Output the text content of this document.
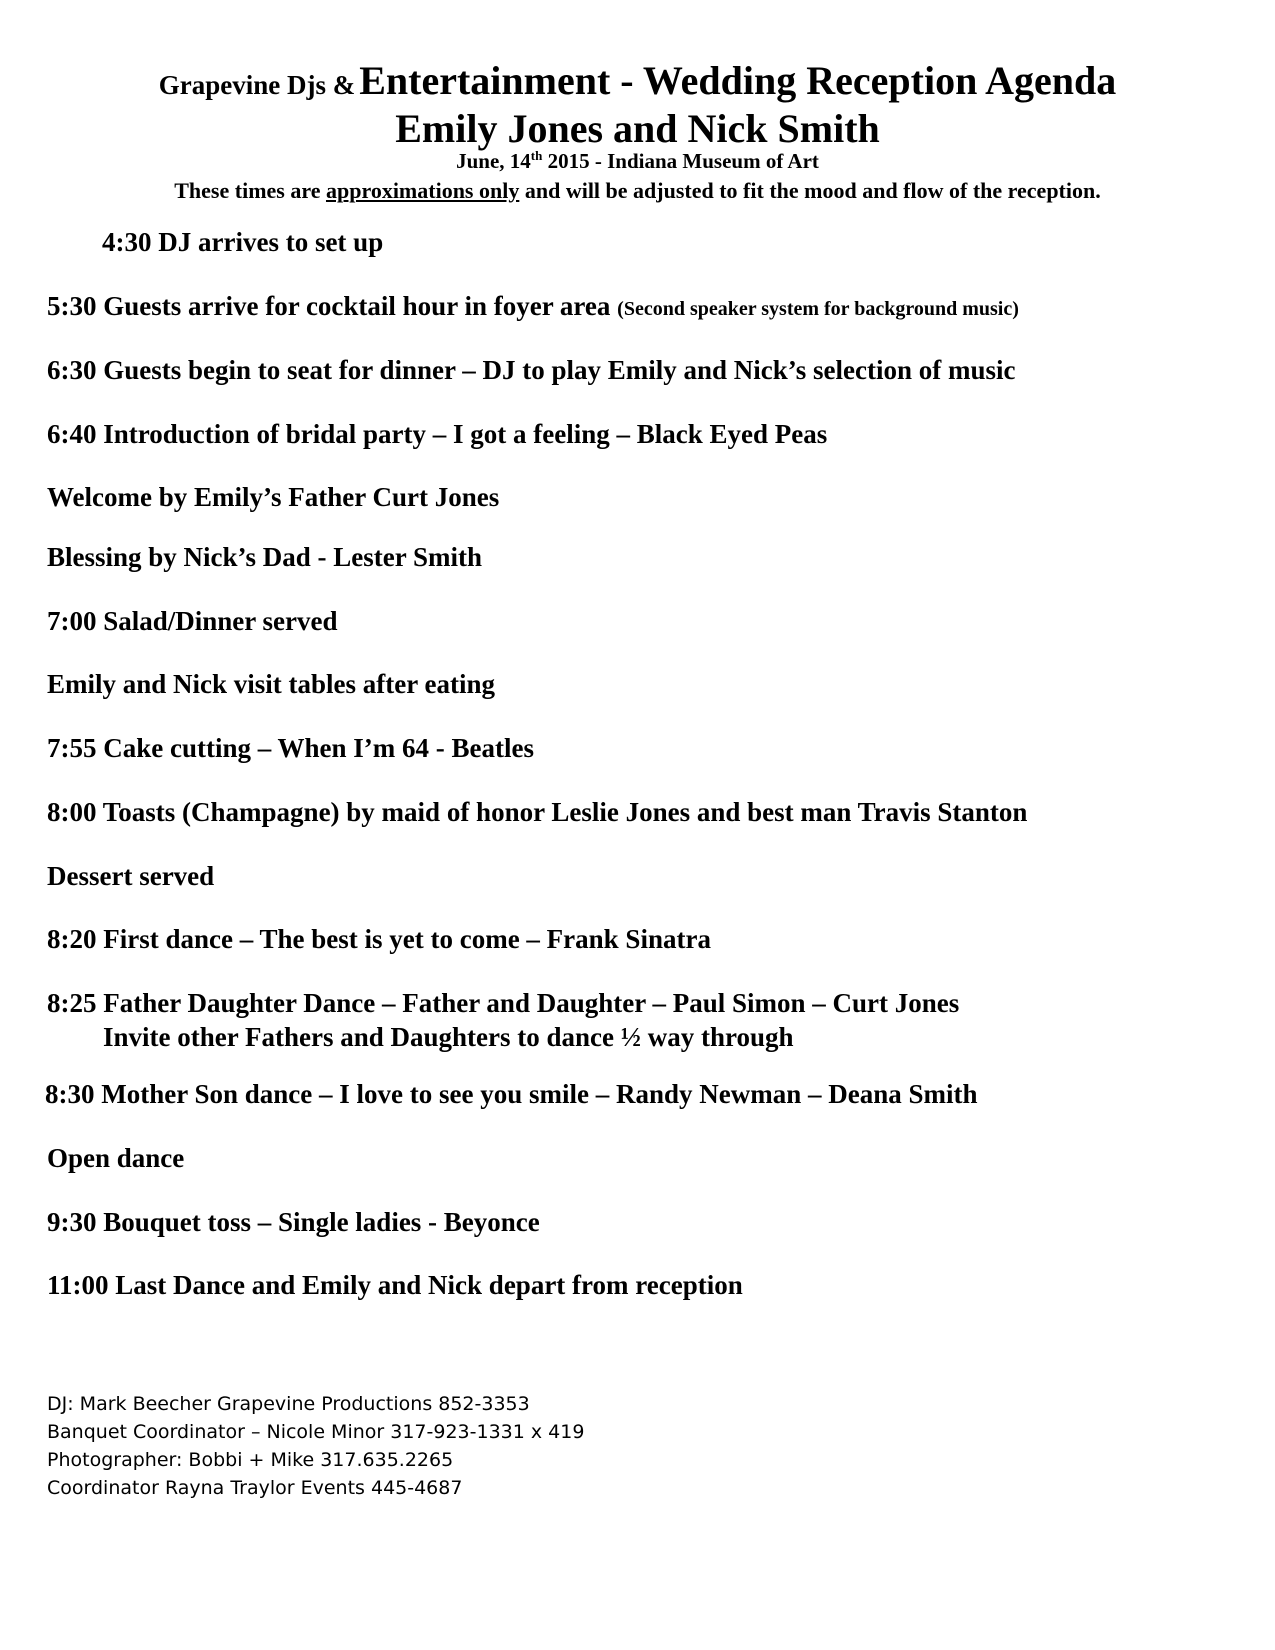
Grapevine Djs & Entertainment - Wedding Reception Agenda
Emily Jones and Nick Smith
June, 14th 2015 - Indiana Museum of Art
These times are approximations only and will be adjusted to fit the mood and flow of the reception.
4:30 DJ arrives to set up
5:30 Guests arrive for cocktail hour in foyer area (Second speaker system for background music)
6:30 Guests begin to seat for dinner – DJ to play Emily and Nick’s selection of music
6:40 Introduction of bridal party – I got a feeling – Black Eyed Peas
Welcome by Emily’s Father Curt Jones
Blessing by Nick’s Dad - Lester Smith
7:00 Salad/Dinner served
Emily and Nick visit tables after eating
7:55 Cake cutting – When I’m 64 - Beatles
8:00 Toasts (Champagne) by maid of honor Leslie Jones and best man Travis Stanton
Dessert served
8:20 First dance – The best is yet to come – Frank Sinatra
8:25 Father Daughter Dance – Father and Daughter – Paul Simon – Curt Jones
Invite other Fathers and Daughters to dance ½ way through
8:30 Mother Son dance – I love to see you smile – Randy Newman – Deana Smith
Open dance
9:30 Bouquet toss – Single ladies - Beyonce
11:00 Last Dance and Emily and Nick depart from reception
DJ: Mark Beecher Grapevine Productions 852-3353
Banquet Coordinator – Nicole Minor 317-923-1331 x 419
Photographer: Bobbi + Mike 317.635.2265
Coordinator Rayna Traylor Events 445-4687
